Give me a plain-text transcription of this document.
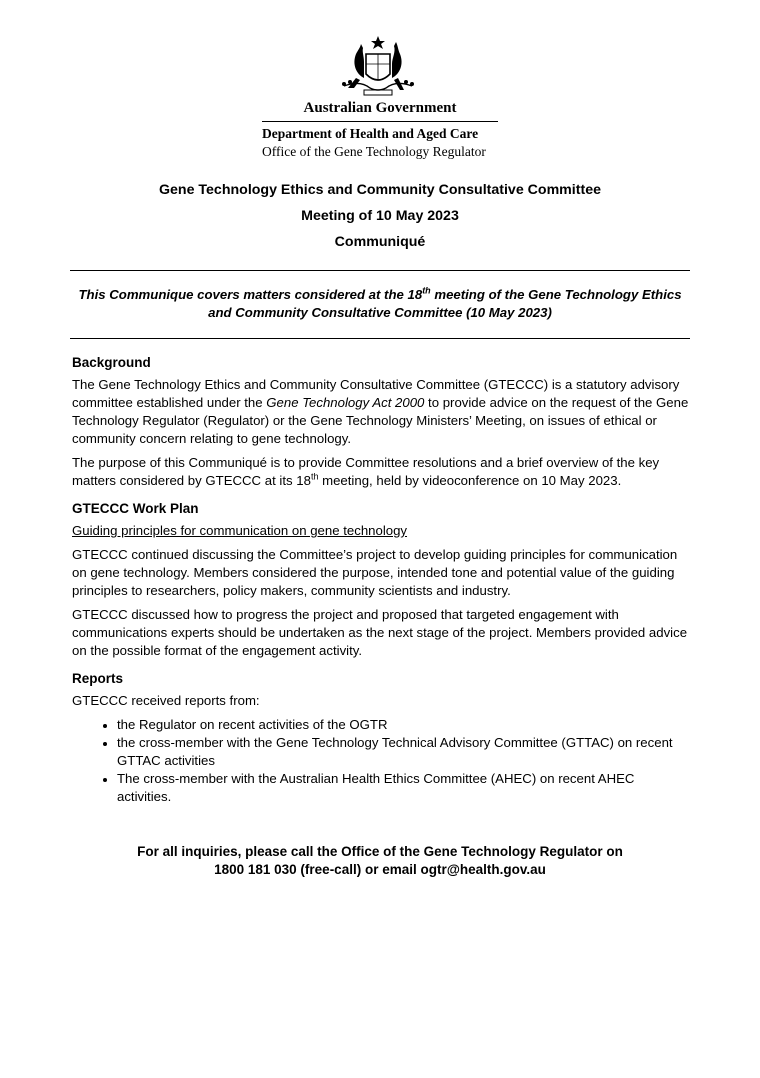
Australian Government
Department of Health and Aged Care
Office of the Gene Technology Regulator
Gene Technology Ethics and Community Consultative Committee
Meeting of 10 May 2023
Communiqué
This Communique covers matters considered at the 18th meeting of the Gene Technology Ethics and Community Consultative Committee (10 May 2023)
Background

The Gene Technology Ethics and Community Consultative Committee (GTECCC) is a statutory advisory committee established under the Gene Technology Act 2000 to provide advice on the request of the Gene Technology Regulator (Regulator) or the Gene Technology Ministers’ Meeting, on issues of ethical or community concern relating to gene technology.

The purpose of this Communiqué is to provide Committee resolutions and a brief overview of the key matters considered by GTECCC at its 18th meeting, held by videoconference on 10 May 2023.

GTECCC Work Plan

Guiding principles for communication on gene technology

GTECCC continued discussing the Committee’s project to develop guiding principles for communication on gene technology. Members considered the purpose, intended tone and potential value of the guiding principles to researchers, policy makers, community scientists and industry.

GTECCC discussed how to progress the project and proposed that targeted engagement with communications experts should be undertaken as the next stage of the project. Members provided advice on the possible format of the engagement activity.

Reports

GTECCC received reports from:

• the Regulator on recent activities of the OGTR
• the cross-member with the Gene Technology Technical Advisory Committee (GTTAC) on recent GTTAC activities
• The cross-member with the Australian Health Ethics Committee (AHEC) on recent AHEC activities.
For all inquiries, please call the Office of the Gene Technology Regulator on
1800 181 030 (free-call) or email ogtr@health.gov.au
